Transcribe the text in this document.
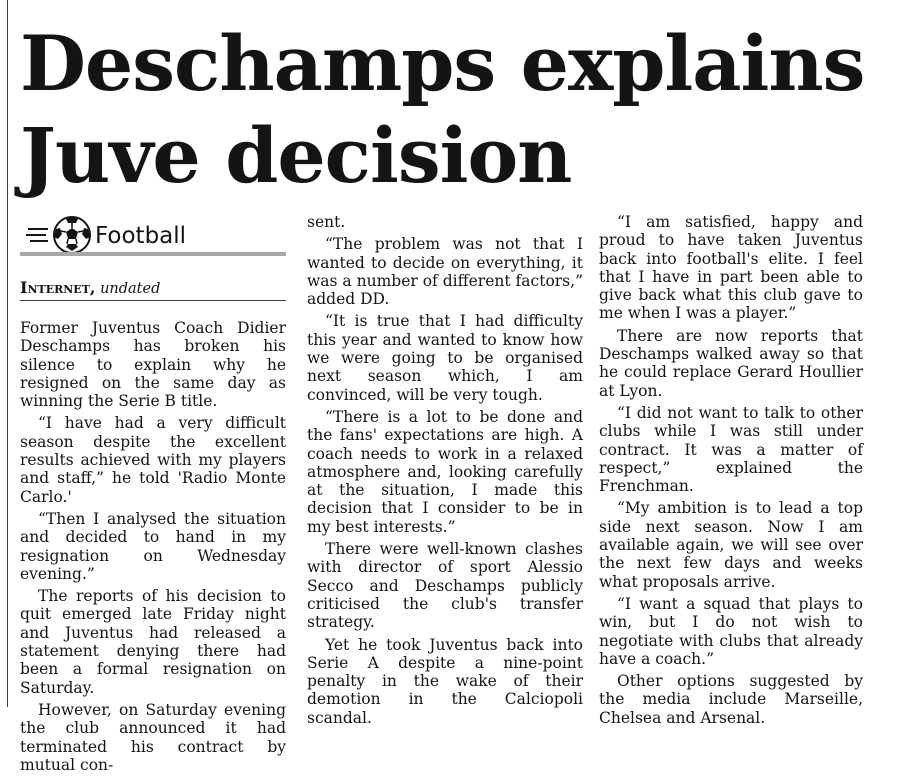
Deschamps explains
Juve decision
Football
Internet, undated

Former Juventus Coach Didier Deschamps has broken his silence to explain why he resigned on the same day as winning the Serie B title.

“I have had a very difficult season despite the excellent results achieved with my players and staff,” he told 'Radio Monte Carlo.'

“Then I analysed the situation and decided to hand in my resignation on Wednesday evening.”

The reports of his decision to quit emerged late Friday night and Juventus had released a statement denying there had been a formal resignation on Saturday.

However, on Saturday evening the club announced it had terminated his contract by mutual con-

sent.

“The problem was not that I wanted to decide on everything, it was a number of different factors,” added DD.

“It is true that I had difficulty this year and wanted to know how we were going to be organised next season which, I am convinced, will be very tough.

“There is a lot to be done and the fans' expectations are high. A coach needs to work in a relaxed atmosphere and, looking carefully at the situation, I made this decision that I consider to be in my best interests.”

There were well-known clashes with director of sport Alessio Secco and Deschamps publicly criticised the club's transfer strategy.

Yet he took Juventus back into Serie A despite a nine-point penalty in the wake of their demotion in the Calciopoli scandal.

“I am satisfied, happy and proud to have taken Juventus back into football's elite. I feel that I have in part been able to give back what this club gave to me when I was a player.”

There are now reports that Deschamps walked away so that he could replace Gerard Houllier at Lyon.

“I did not want to talk to other clubs while I was still under contract. It was a matter of respect,” explained the Frenchman.

“My ambition is to lead a top side next season. Now I am available again, we will see over the next few days and weeks what proposals arrive.

“I want a squad that plays to win, but I do not wish to negotiate with clubs that already have a coach.”

Other options suggested by the media include Marseille, Chelsea and Arsenal.
